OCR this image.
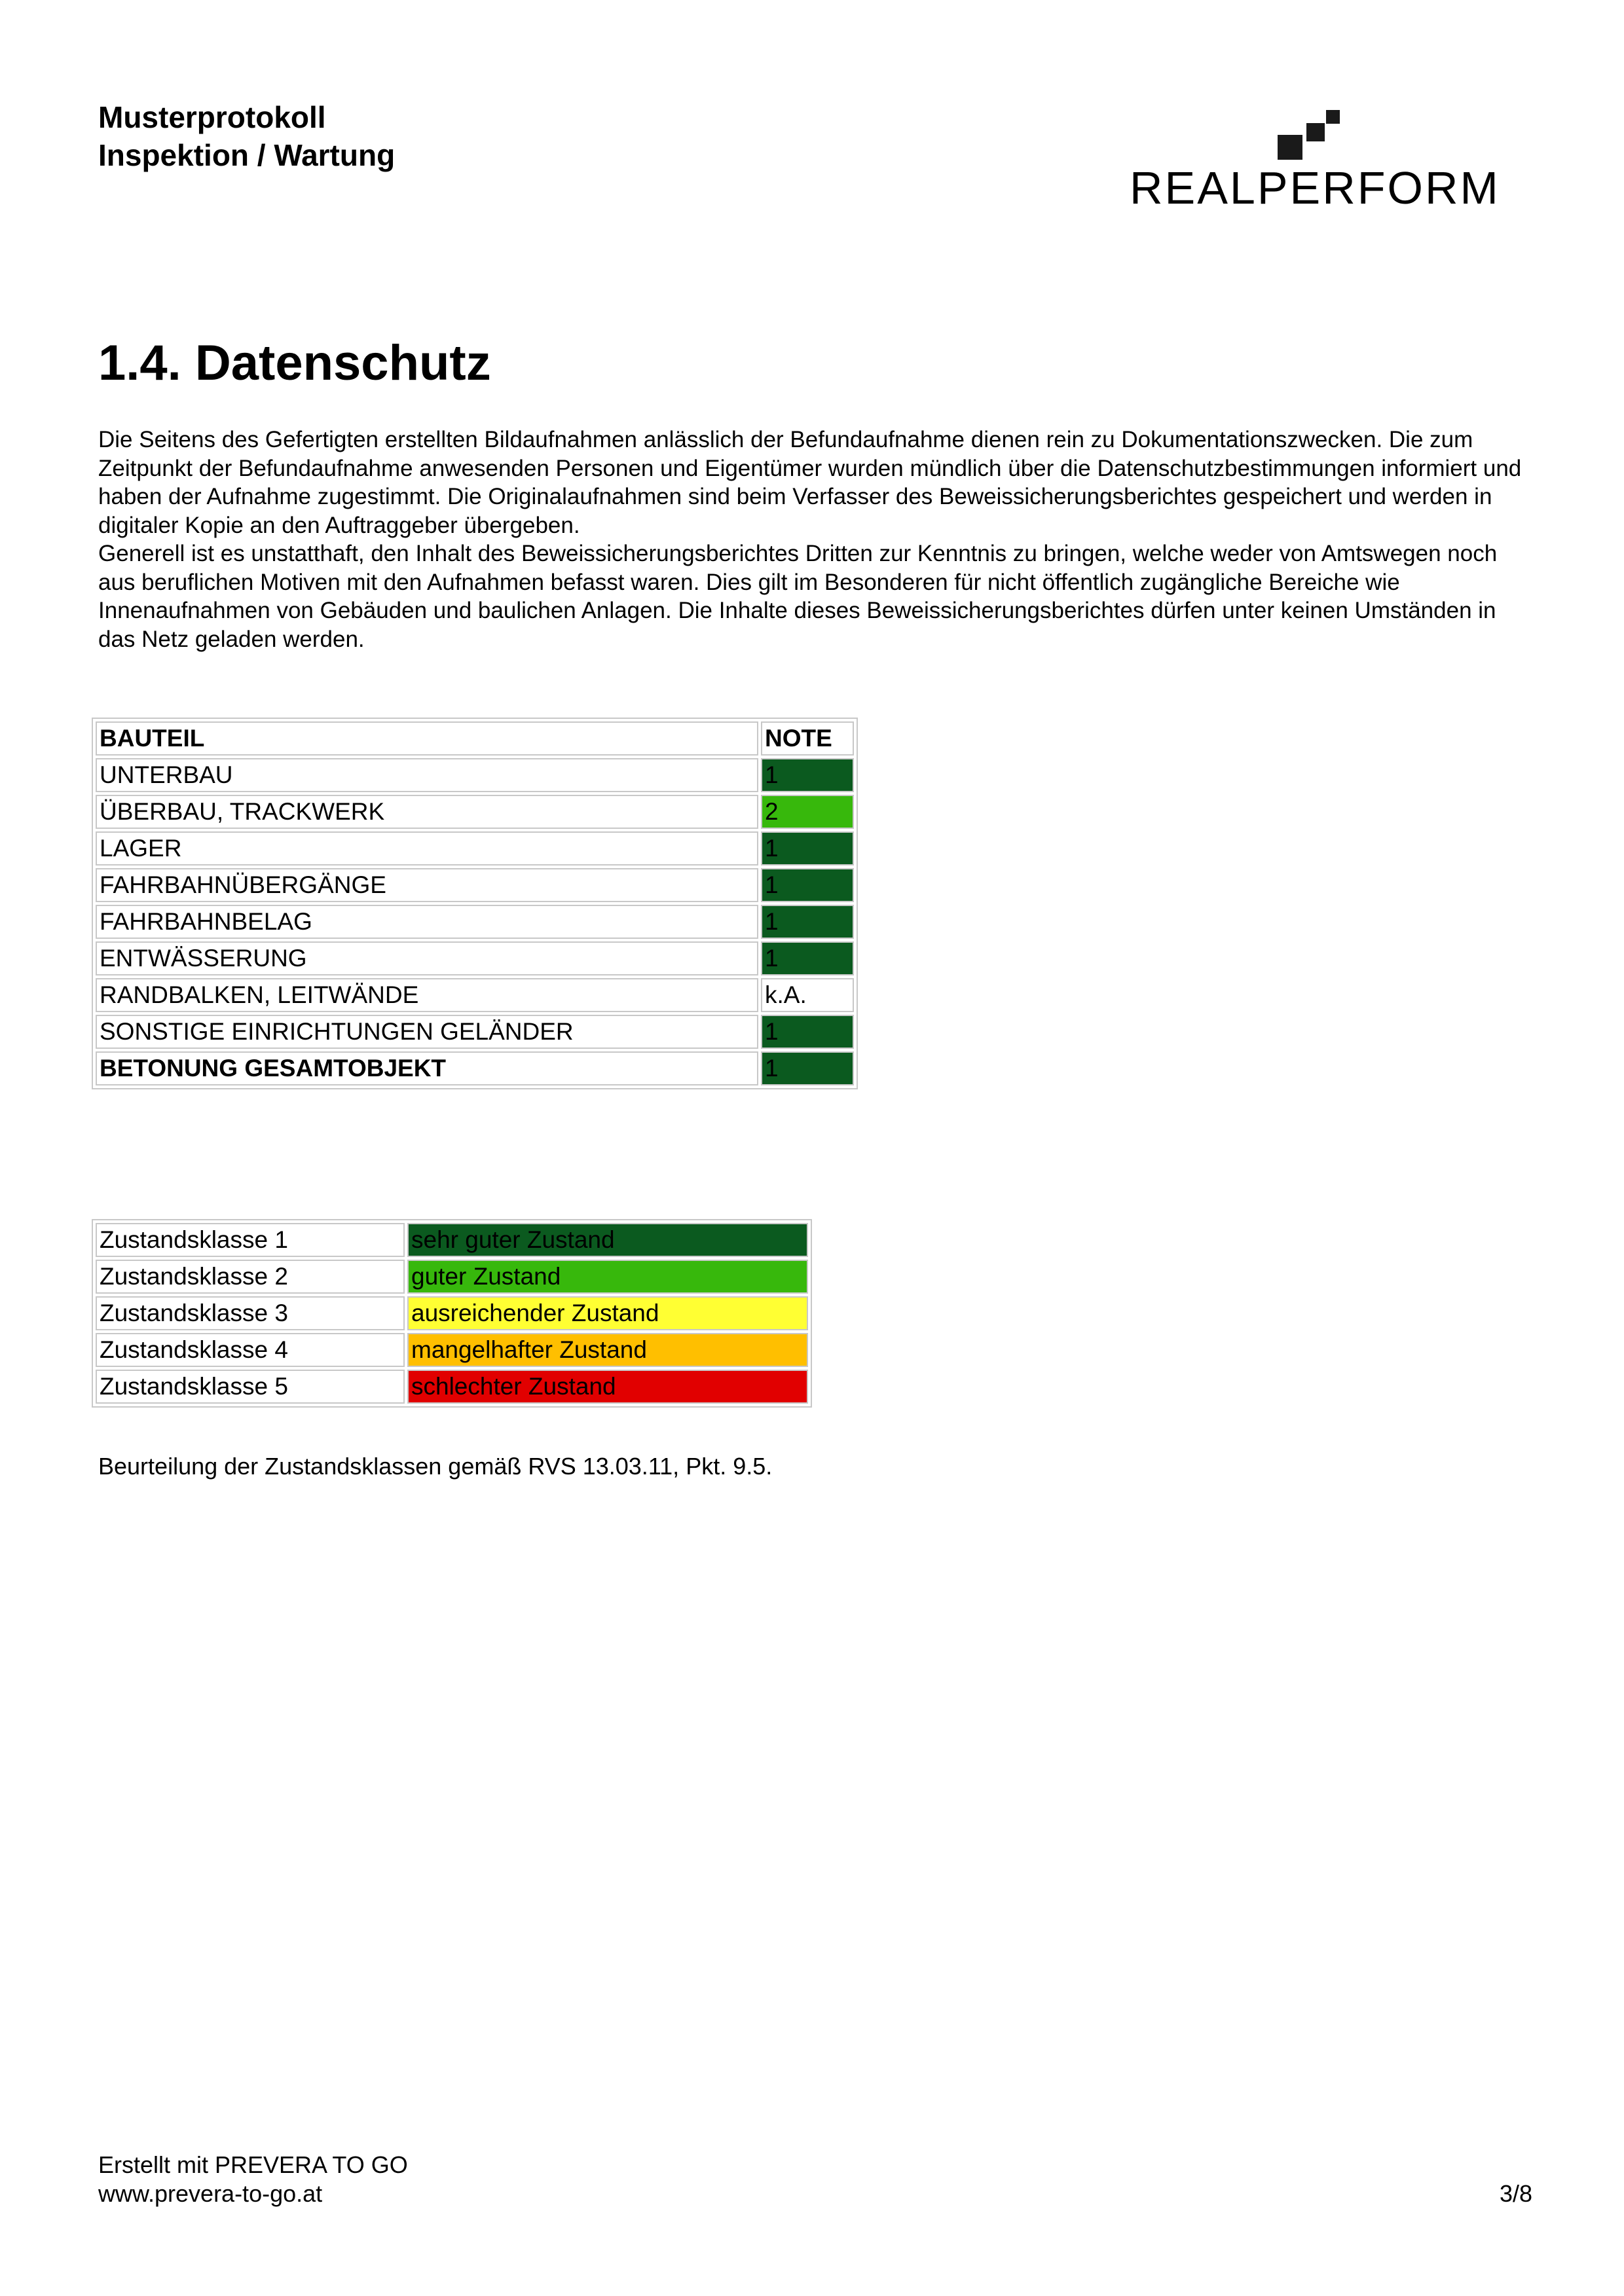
Musterprotokoll
Inspektion / Wartung
REALPERFORM
1.4. Datenschutz

Die Seitens des Gefertigten erstellten Bildaufnahmen anlässlich der Befundaufnahme dienen rein zu Dokumentationszwecken. Die zum Zeitpunkt der Befundaufnahme anwesenden Personen und Eigentümer wurden mündlich über die Datenschutzbestimmungen informiert und haben der Aufnahme zugestimmt. Die Originalaufnahmen sind beim Verfasser des Beweissicherungsberichtes gespeichert und werden in digitaler Kopie an den Auftraggeber übergeben.

Generell ist es unstatthaft, den Inhalt des Beweissicherungsberichtes Dritten zur Kenntnis zu bringen, welche weder von Amtswegen noch aus beruflichen Motiven mit den Aufnahmen befasst waren. Dies gilt im Besonderen für nicht öffentlich zugängliche Bereiche wie Innenaufnahmen von Gebäuden und baulichen Anlagen. Die Inhalte dieses Beweissicherungsberichtes dürfen unter keinen Umständen in das Netz geladen werden.

BAUTEIL	NOTE
UNTERBAU	1
ÜBERBAU, TRACKWERK	2
LAGER	1
FAHRBAHNÜBERGÄNGE	1
FAHRBAHNBELAG	1
ENTWÄSSERUNG	1
RANDBALKEN, LEITWÄNDE	k.A.
SONSTIGE EINRICHTUNGEN GELÄNDER	1
BETONUNG GESAMTOBJEKT	1
Zustandsklasse 1	sehr guter Zustand
Zustandsklasse 2	guter Zustand
Zustandsklasse 3	ausreichender Zustand
Zustandsklasse 4	mangelhafter Zustand
Zustandsklasse 5	schlechter Zustand
Beurteilung der Zustandsklassen gemäß RVS 13.03.11, Pkt. 9.5.
Erstellt mit PREVERA TO GO
www.prevera-to-go.at	3/8
